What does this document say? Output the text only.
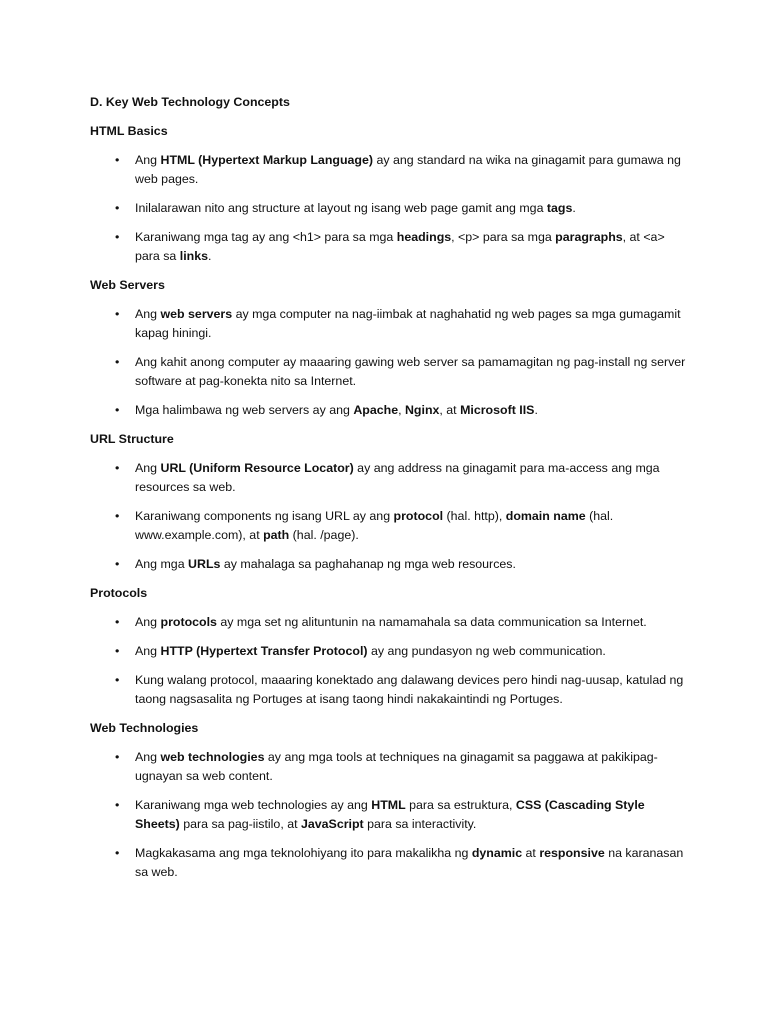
D. Key Web Technology Concepts
HTML Basics
• Ang HTML (Hypertext Markup Language) ay ang standard na wika na ginagamit para gumawa ng web pages.
• Inilalarawan nito ang structure at layout ng isang web page gamit ang mga tags.
• Karaniwang mga tag ay ang <h1> para sa mga headings, <p> para sa mga paragraphs, at <a> para sa links.
Web Servers
• Ang web servers ay mga computer na nag-iimbak at naghahatid ng web pages sa mga gumagamit kapag hiningi.
• Ang kahit anong computer ay maaaring gawing web server sa pamamagitan ng pag-install ng server software at pag-konekta nito sa Internet.
• Mga halimbawa ng web servers ay ang Apache, Nginx, at Microsoft IIS.
URL Structure
• Ang URL (Uniform Resource Locator) ay ang address na ginagamit para ma-access ang mga resources sa web.
• Karaniwang components ng isang URL ay ang protocol (hal. http), domain name (hal. www.example.com), at path (hal. /page).
• Ang mga URLs ay mahalaga sa paghahanap ng mga web resources.
Protocols
• Ang protocols ay mga set ng alituntunin na namamahala sa data communication sa Internet.
• Ang HTTP (Hypertext Transfer Protocol) ay ang pundasyon ng web communication.
• Kung walang protocol, maaaring konektado ang dalawang devices pero hindi nag-uusap, katulad ng taong nagsasalita ng Portuges at isang taong hindi nakakaintindi ng Portuges.
Web Technologies
• Ang web technologies ay ang mga tools at techniques na ginagamit sa paggawa at pakikipag-ugnayan sa web content.
• Karaniwang mga web technologies ay ang HTML para sa estruktura, CSS (Cascading Style Sheets) para sa pag-iistilo, at JavaScript para sa interactivity.
• Magkakasama ang mga teknolohiyang ito para makalikha ng dynamic at responsive na karanasan sa web.
